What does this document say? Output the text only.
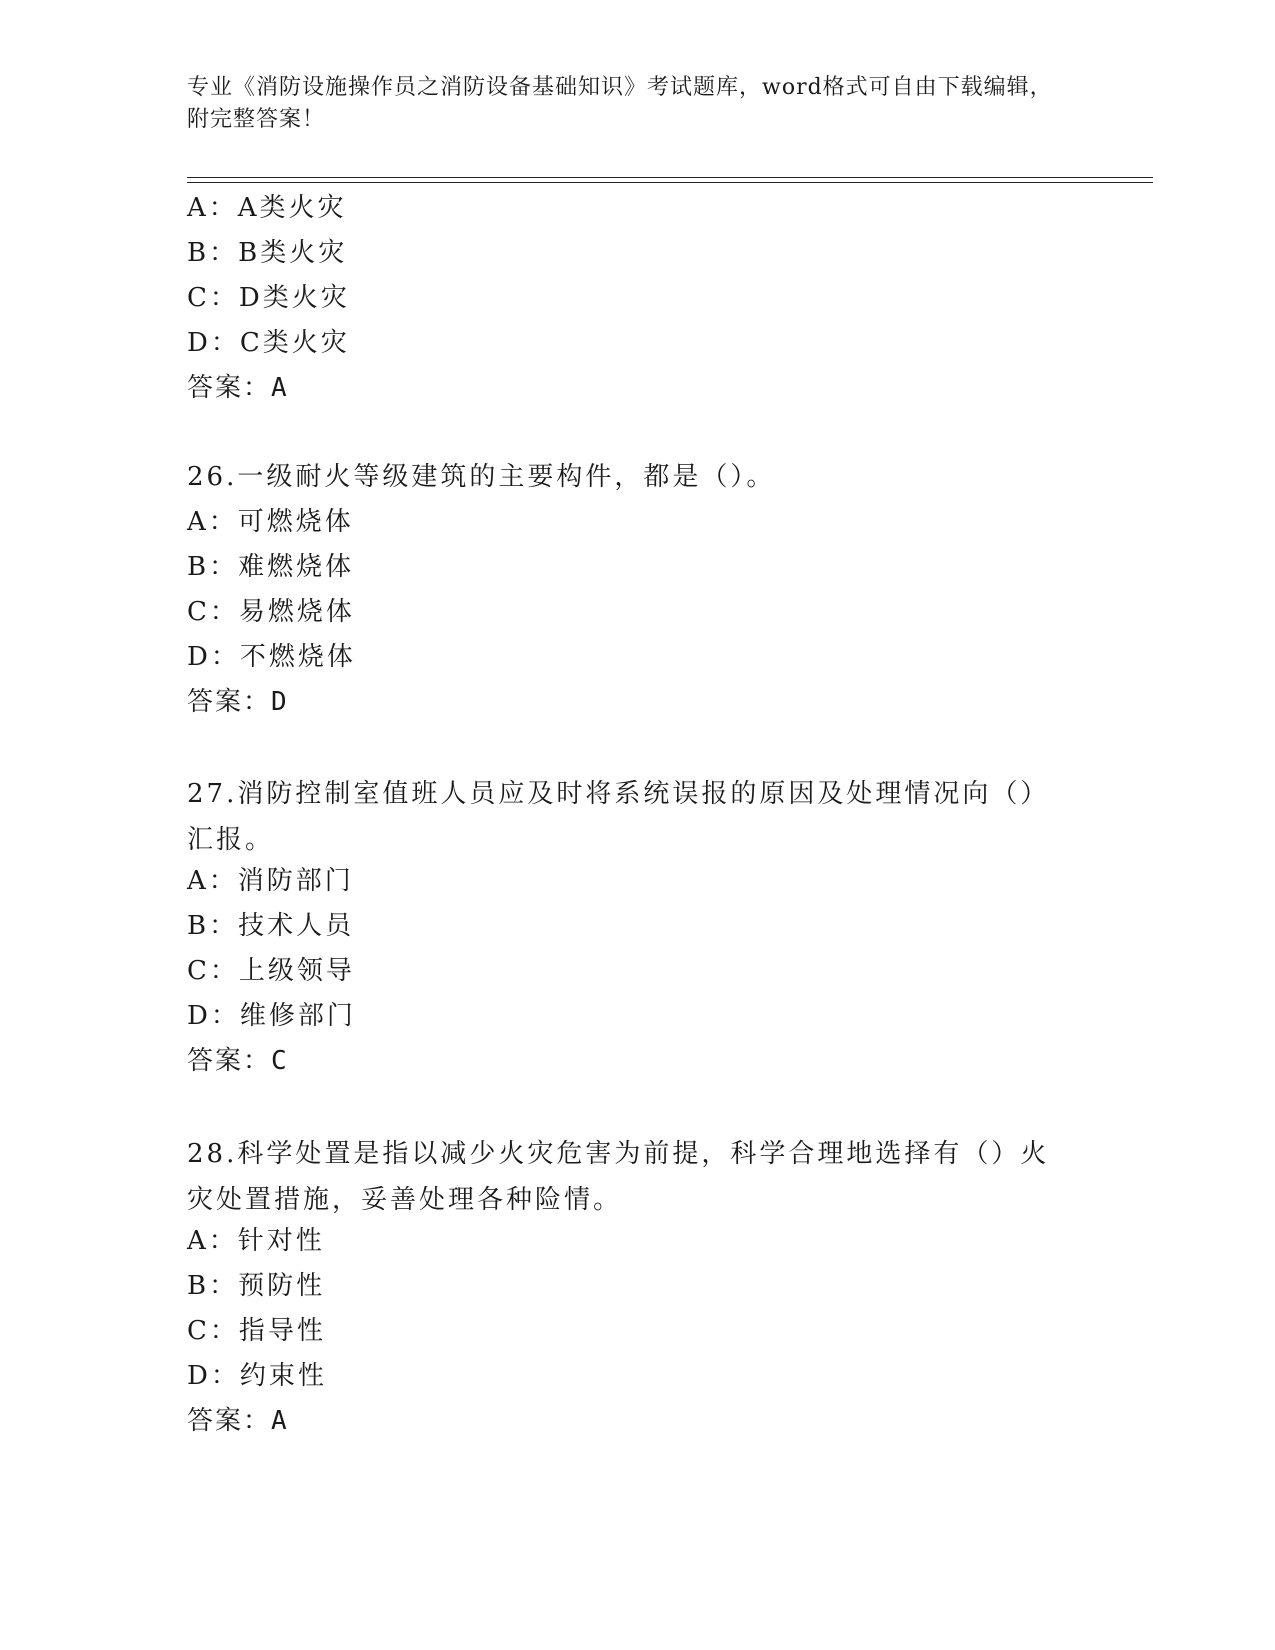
专业《消防设施操作员之消防设备基础知识》考试题库，word格式可自由下载编辑，附完整答案！
A：A类火灾
B：B类火灾
C：D类火灾
D：C类火灾
答案：A
26.一级耐火等级建筑的主要构件，都是（）。
A：可燃烧体
B：难燃烧体
C：易燃烧体
D：不燃烧体
答案：D
27.消防控制室值班人员应及时将系统误报的原因及处理情况向（）汇报。
A：消防部门
B：技术人员
C：上级领导
D：维修部门
答案：C
28.科学处置是指以减少火灾危害为前提，科学合理地选择有（）火灾处置措施，妥善处理各种险情。
A：针对性
B：预防性
C：指导性
D：约束性
答案：A
